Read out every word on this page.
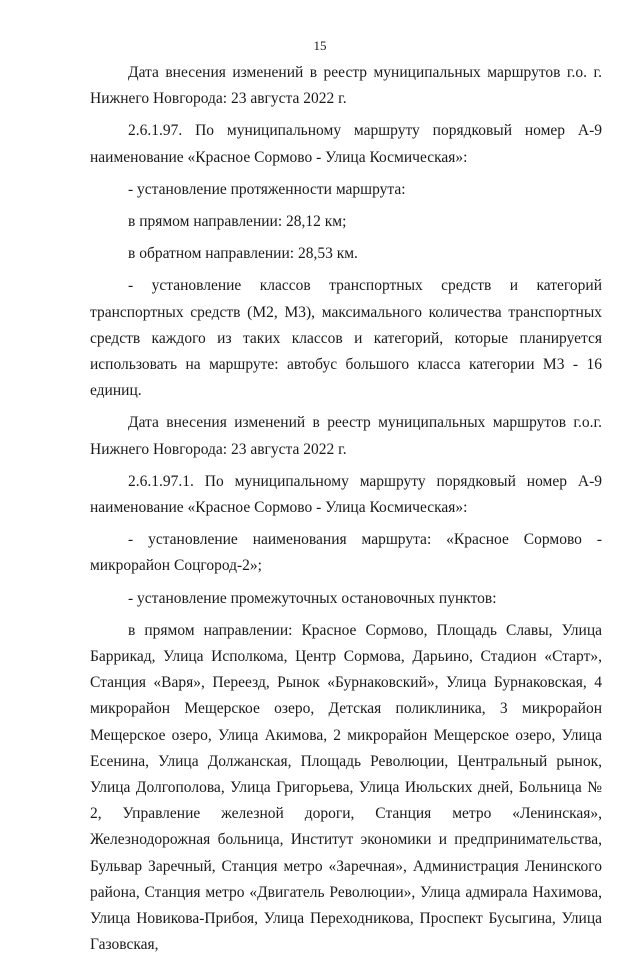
15

Дата внесения изменений в реестр муниципальных маршрутов г.о. г. Нижнего Новгорода: 23 августа 2022 г.

2.6.1.97. По муниципальному маршруту порядковый номер А-9 наименование «Красное Сормово - Улица Космическая»:

- установление протяженности маршрута:

в прямом направлении: 28,12 км;

в обратном направлении: 28,53 км.

- установление классов транспортных средств и категорий транспортных средств (М2, М3), максимального количества транспортных средств каждого из таких классов и категорий, которые планируется использовать на маршруте: автобус большого класса категории М3 - 16 единиц.

Дата внесения изменений в реестр муниципальных маршрутов г.о.г. Нижнего Новгорода: 23 августа 2022 г.

2.6.1.97.1. По муниципальному маршруту порядковый номер А-9 наименование «Красное Сормово - Улица Космическая»:

- установление наименования маршрута: «Красное Сормово - микрорайон Соцгород-2»;

- установление промежуточных остановочных пунктов:

в прямом направлении: Красное Сормово, Площадь Славы, Улица Баррикад, Улица Исполкома, Центр Сормова, Дарьино, Стадион «Старт», Станция «Варя», Переезд, Рынок «Бурнаковский», Улица Бурнаковская, 4 микрорайон Мещерское озеро, Детская поликлиника, 3 микрорайон Мещерское озеро, Улица Акимова, 2 микрорайон Мещерское озеро, Улица Есенина, Улица Должанская, Площадь Революции, Центральный рынок, Улица Долгополова, Улица Григорьева, Улица Июльских дней, Больница № 2, Управление железной дороги, Станция метро «Ленинская», Железнодорожная больница, Институт экономики и предпринимательства, Бульвар Заречный, Станция метро «Заречная», Администрация Ленинского района, Станция метро «Двигатель Революции», Улица адмирала Нахимова, Улица Новикова-Прибоя, Улица Переходникова, Проспект Бусыгина, Улица Газовская,
